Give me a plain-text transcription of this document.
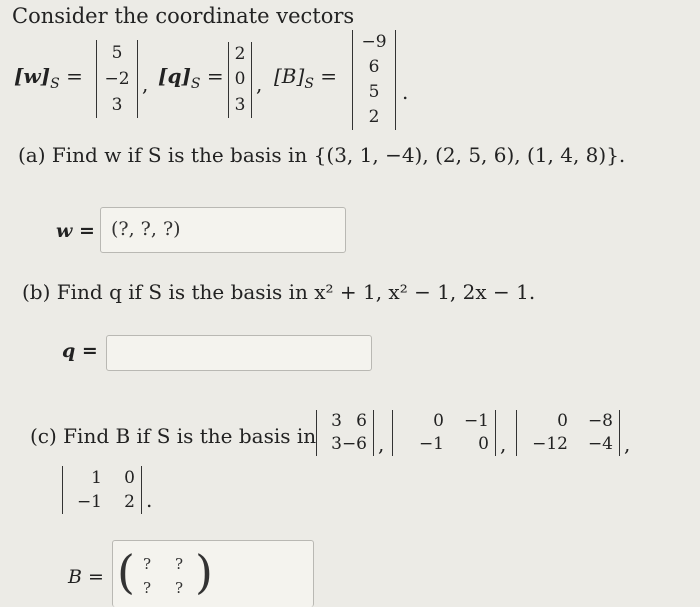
Consider the coordinate vectors
$[w]_S$ =
5
−2
3
, $[q]_S$ =
2
0
3
, $[B]_S$ =
−9
6
5
2
.
(a) Find w if S is the basis in {(3, 1, −4), (2, 5, 6), (1, 4, 8)}.
w = (?, ?, ?)
(b) Find q if S is the basis in x² + 1, x² − 1, 2x − 1.
q =
(c) Find B if S is the basis in
3 6
3 −6 ,
0 −1
−1 0 ,
0 −8
−12 −4 ,
1 0
−1 2 .
B = ( ? ?
? ? )
